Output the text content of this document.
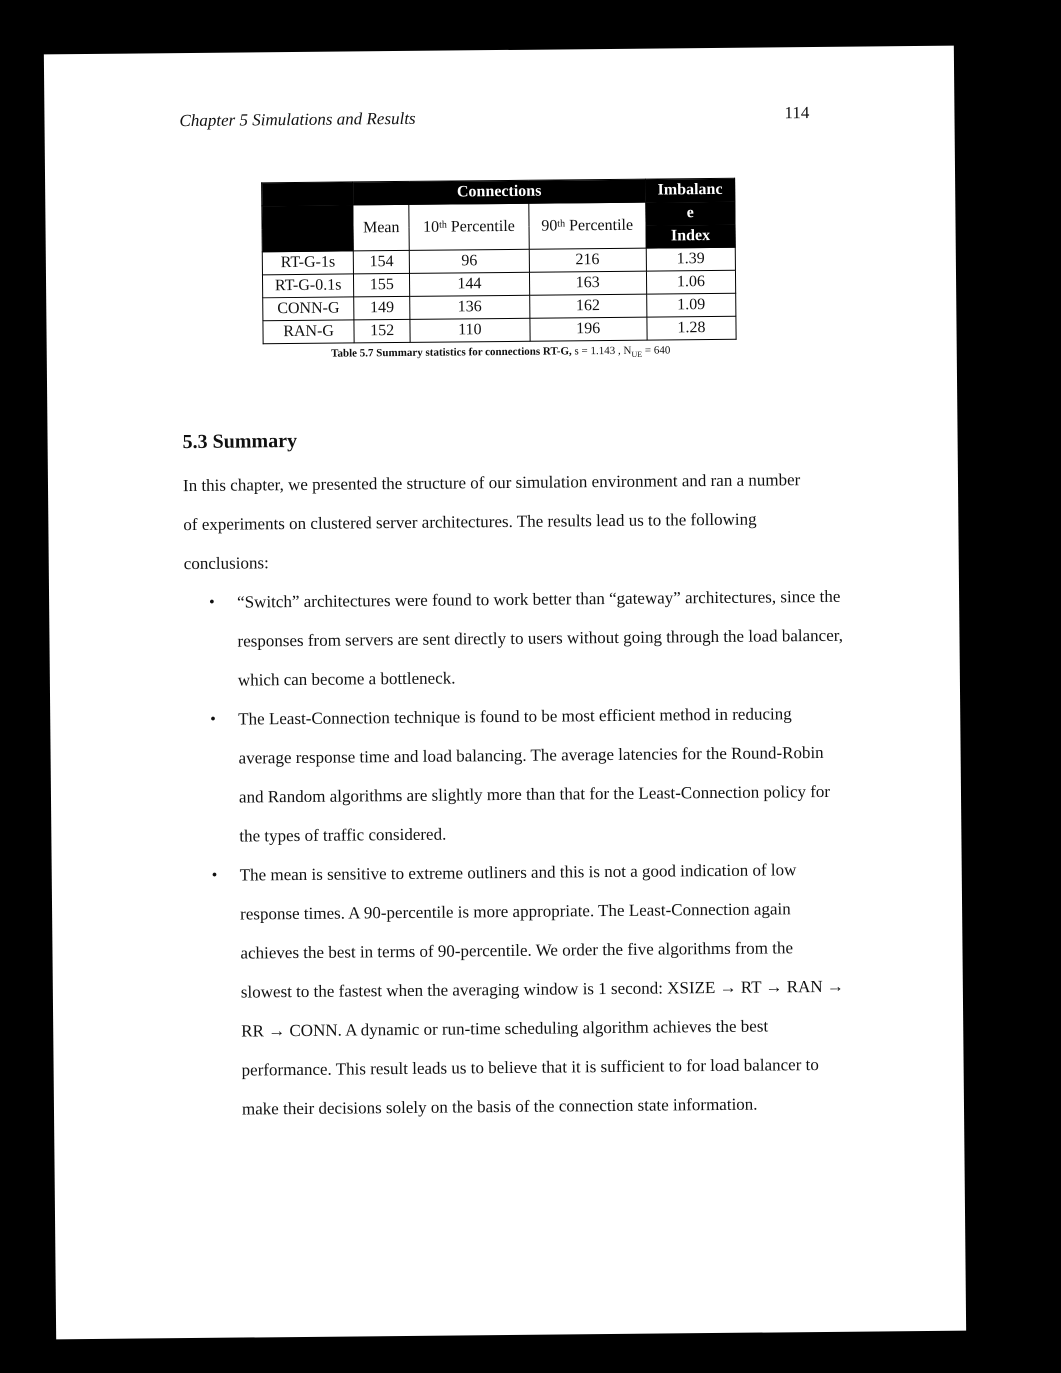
Chapter 5 Simulations and Results	114
	Connections			Imbalanc
	Mean	10th Percentile	90th Percentile	e
				Index
RT-G-1s	154	96	216	1.39
RT-G-0.1s	155	144	163	1.06
CONN-G	149	136	162	1.09
RAN-G	152	110	196	1.28
Table 5.7 Summary statistics for connections RT-G, s = 1.143 , $N_{UE} = 640$
5.3 Summary
In this chapter, we presented the structure of our simulation environment and ran a number of experiments on clustered server architectures. The results lead us to the following conclusions:
• “Switch” architectures were found to work better than “gateway” architectures, since the responses from servers are sent directly to users without going through the load balancer, which can become a bottleneck.
• The Least-Connection technique is found to be most efficient method in reducing average response time and load balancing. The average latencies for the Round-Robin and Random algorithms are slightly more than that for the Least-Connection policy for the types of traffic considered.
• The mean is sensitive to extreme outliners and this is not a good indication of low response times. A 90-percentile is more appropriate. The Least-Connection again achieves the best in terms of 90-percentile. We order the five algorithms from the slowest to the fastest when the averaging window is 1 second: XSIZE → RT → RAN → RR → CONN. A dynamic or run-time scheduling algorithm achieves the best performance. This result leads us to believe that it is sufficient to for load balancer to make their decisions solely on the basis of the connection state information.
